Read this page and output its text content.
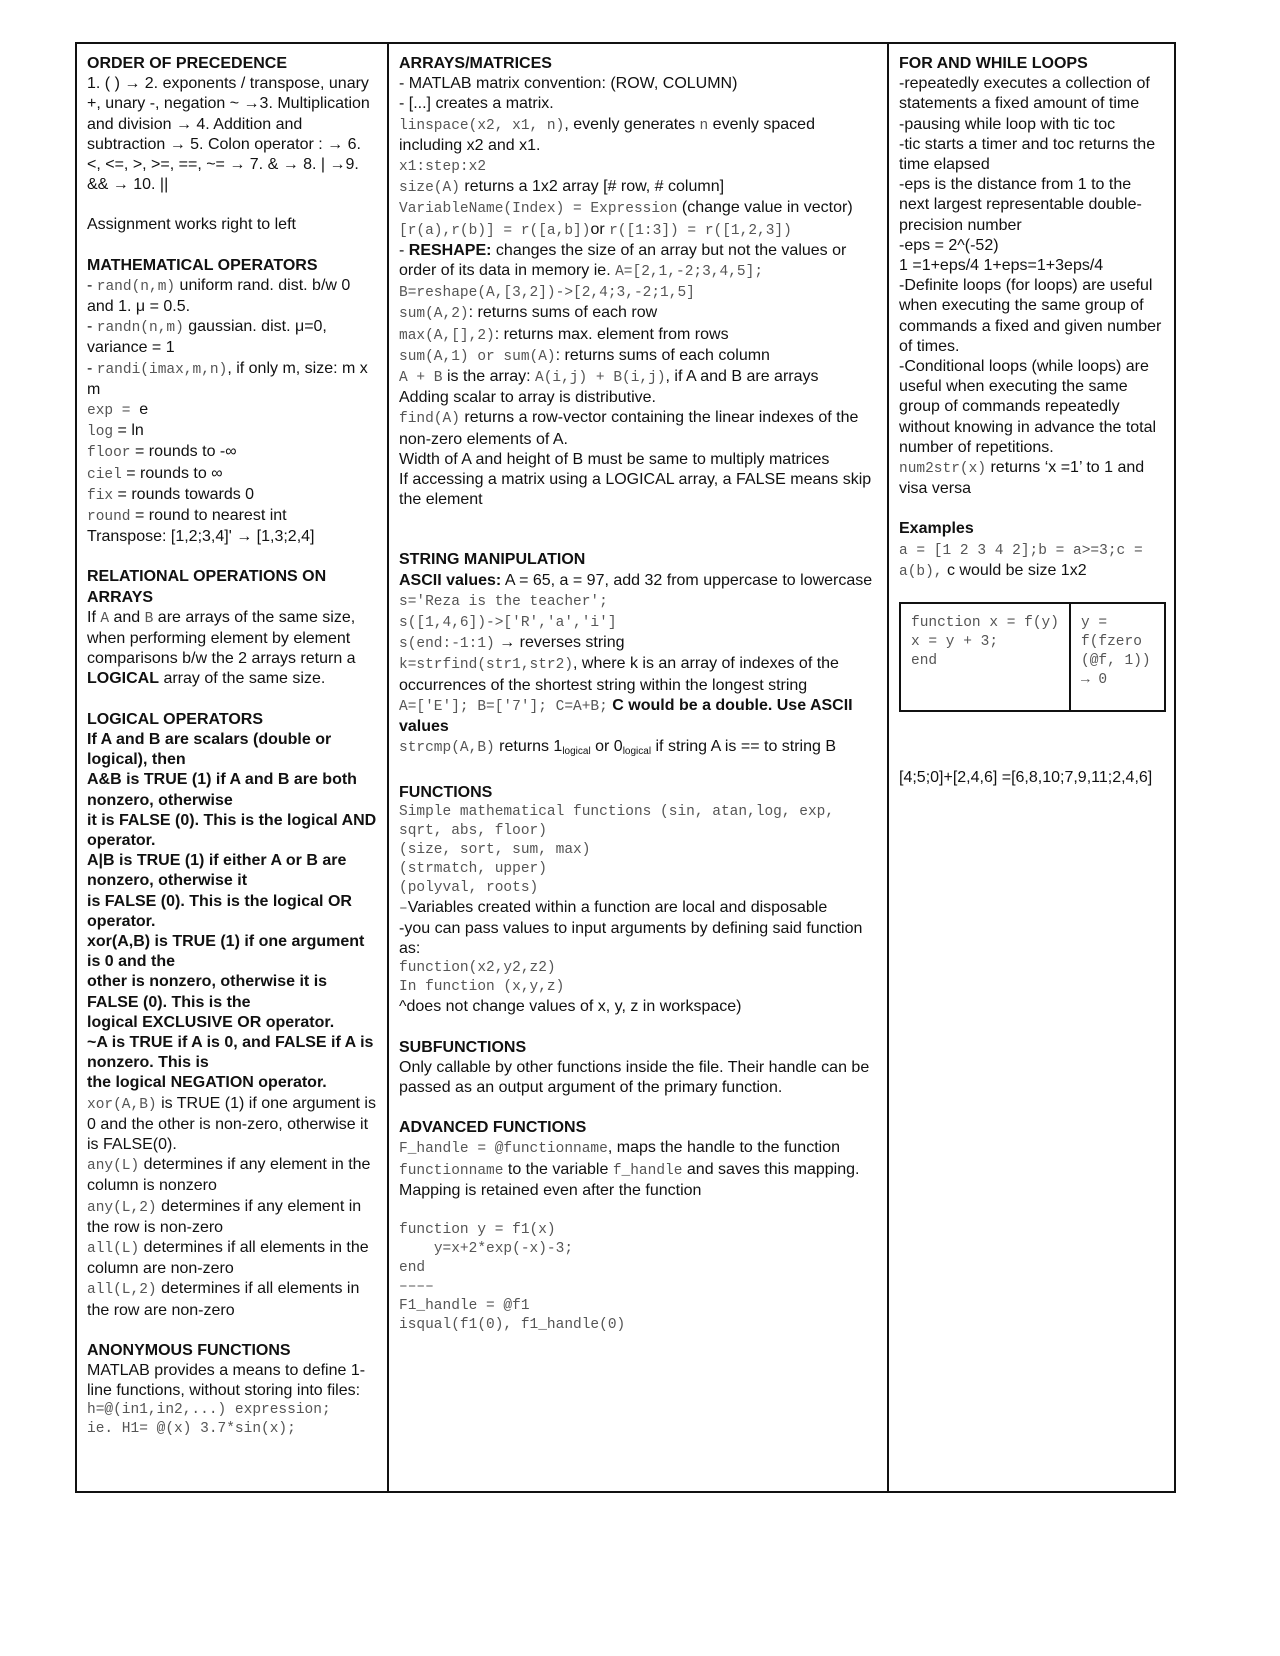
ORDER OF PRECEDENCE
1. ( ) → 2. exponents / transpose, unary +, unary -, negation ~ →3. Multiplication and division → 4. Addition and subtraction → 5. Colon operator : → 6. <, <=, >, >=, ==, ~= → 7. & → 8. | →9. && → 10. ||
Assignment works right to left
MATHEMATICAL OPERATORS
- rand(n,m) uniform rand. dist. b/w 0 and 1. μ = 0.5.
- randn(n,m) gaussian. dist. μ=0, variance = 1
- randi(imax,m,n), if only m, size: m x m
exp = e
log = ln
floor = rounds to -∞
ciel = rounds to ∞
fix = rounds towards 0
round = round to nearest int
Transpose: [1,2;3,4]' → [1,3;2,4]
RELATIONAL OPERATIONS ON ARRAYS
If A and B are arrays of the same size, when performing element by element comparisons b/w the 2 arrays return a LOGICAL array of the same size.
LOGICAL OPERATORS
If A and B are scalars (double or logical), then
A&B is TRUE (1) if A and B are both nonzero, otherwise
it is FALSE (0). This is the logical AND operator.
A|B is TRUE (1) if either A or B are nonzero, otherwise it
is FALSE (0). This is the logical OR operator.
xor(A,B) is TRUE (1) if one argument is 0 and the
other is nonzero, otherwise it is FALSE (0). This is the
logical EXCLUSIVE OR operator.
~A is TRUE if A is 0, and FALSE if A is nonzero. This is
the logical NEGATION operator.
xor(A,B) is TRUE (1) if one argument is 0 and the other is non-zero, otherwise it is FALSE(0).
any(L) determines if any element in the column is nonzero
any(L,2) determines if any element in the row is non-zero
all(L) determines if all elements in the column are non-zero
all(L,2) determines if all elements in the row are non-zero
ANONYMOUS FUNCTIONS
MATLAB provides a means to define 1-line functions, without storing into files:
h=@(in1,in2,...) expression;
ie. H1= @(x) 3.7*sin(x);
ARRAYS/MATRICES
- MATLAB matrix convention: (ROW, COLUMN)
- [...] creates a matrix.
linspace(x2, x1, n), evenly generates n evenly spaced including x2 and x1.
x1:step:x2
size(A) returns a 1x2 array [# row, # column]
VariableName(Index) = Expression (change value in vector)
[r(a),r(b)] = r([a,b])or r([1:3]) = r([1,2,3])
- RESHAPE: changes the size of an array but not the values or order of its data in memory ie. A=[2,1,-2;3,4,5];
B=reshape(A,[3,2])->[2,4;3,-2;1,5]
sum(A,2): returns sums of each row
max(A,[],2): returns max. element from rows
sum(A,1) or sum(A): returns sums of each column
A + B is the array: A(i,j) + B(i,j), if A and B are arrays
Adding scalar to array is distributive.
find(A) returns a row-vector containing the linear indexes of the non-zero elements of A.
Width of A and height of B must be same to multiply matrices
If accessing a matrix using a LOGICAL array, a FALSE means skip the element
STRING MANIPULATION
ASCII values: A = 65, a = 97, add 32 from uppercase to lowercase
s='Reza is the teacher';
s([1,4,6])->['R','a','i']
s(end:-1:1) → reverses string
k=strfind(str1,str2), where k is an array of indexes of the occurrences of the shortest string within the longest string
A=['E']; B=['7']; C=A+B; C would be a double. Use ASCII values
strcmp(A,B) returns $1_{logical}$ or $0_{logical}$ if string A is == to string B
FUNCTIONS
Simple mathematical functions (sin, atan,log, exp, sqrt, abs, floor)
(size, sort, sum, max)
(strmatch, upper)
(polyval, roots)
–Variables created within a function are local and disposable
-you can pass values to input arguments by defining said function as:
function(x2,y2,z2)
In function (x,y,z)
^does not change values of x, y, z in workspace)
SUBFUNCTIONS
Only callable by other functions inside the file. Their handle can be passed as an output argument of the primary function.
ADVANCED FUNCTIONS
F_handle = @functionname, maps the handle to the function functionname to the variable f_handle and saves this mapping. Mapping is retained even after the function
function y = f1(x)
y=x+2*exp(-x)-3;
end
––––
F1_handle = @f1
isqual(f1(0), f1_handle(0)
FOR AND WHILE LOOPS
-repeatedly executes a collection of statements a fixed amount of time
-pausing while loop with tic toc
-tic starts a timer and toc returns the time elapsed
-eps is the distance from 1 to the next largest representable double-precision number
-eps = 2^(-52)
1 =1+eps/4 1+eps=1+3eps/4
-Definite loops (for loops) are useful when executing the same group of commands a fixed and given number of times.
-Conditional loops (while loops) are useful when executing the same group of commands repeatedly without knowing in advance the total number of repetitions.
num2str(x) returns ‘x =1’ to 1 and visa versa
Examples
a = [1 2 3 4 2];b = a>=3;c = a(b), c would be size 1x2
function x = f(y)
x = y + 3;
end	y = f(fzero (@f, 1)) → 0
[4;5;0]+[2,4,6] =[6,8,10;7,9,11;2,4,6]
